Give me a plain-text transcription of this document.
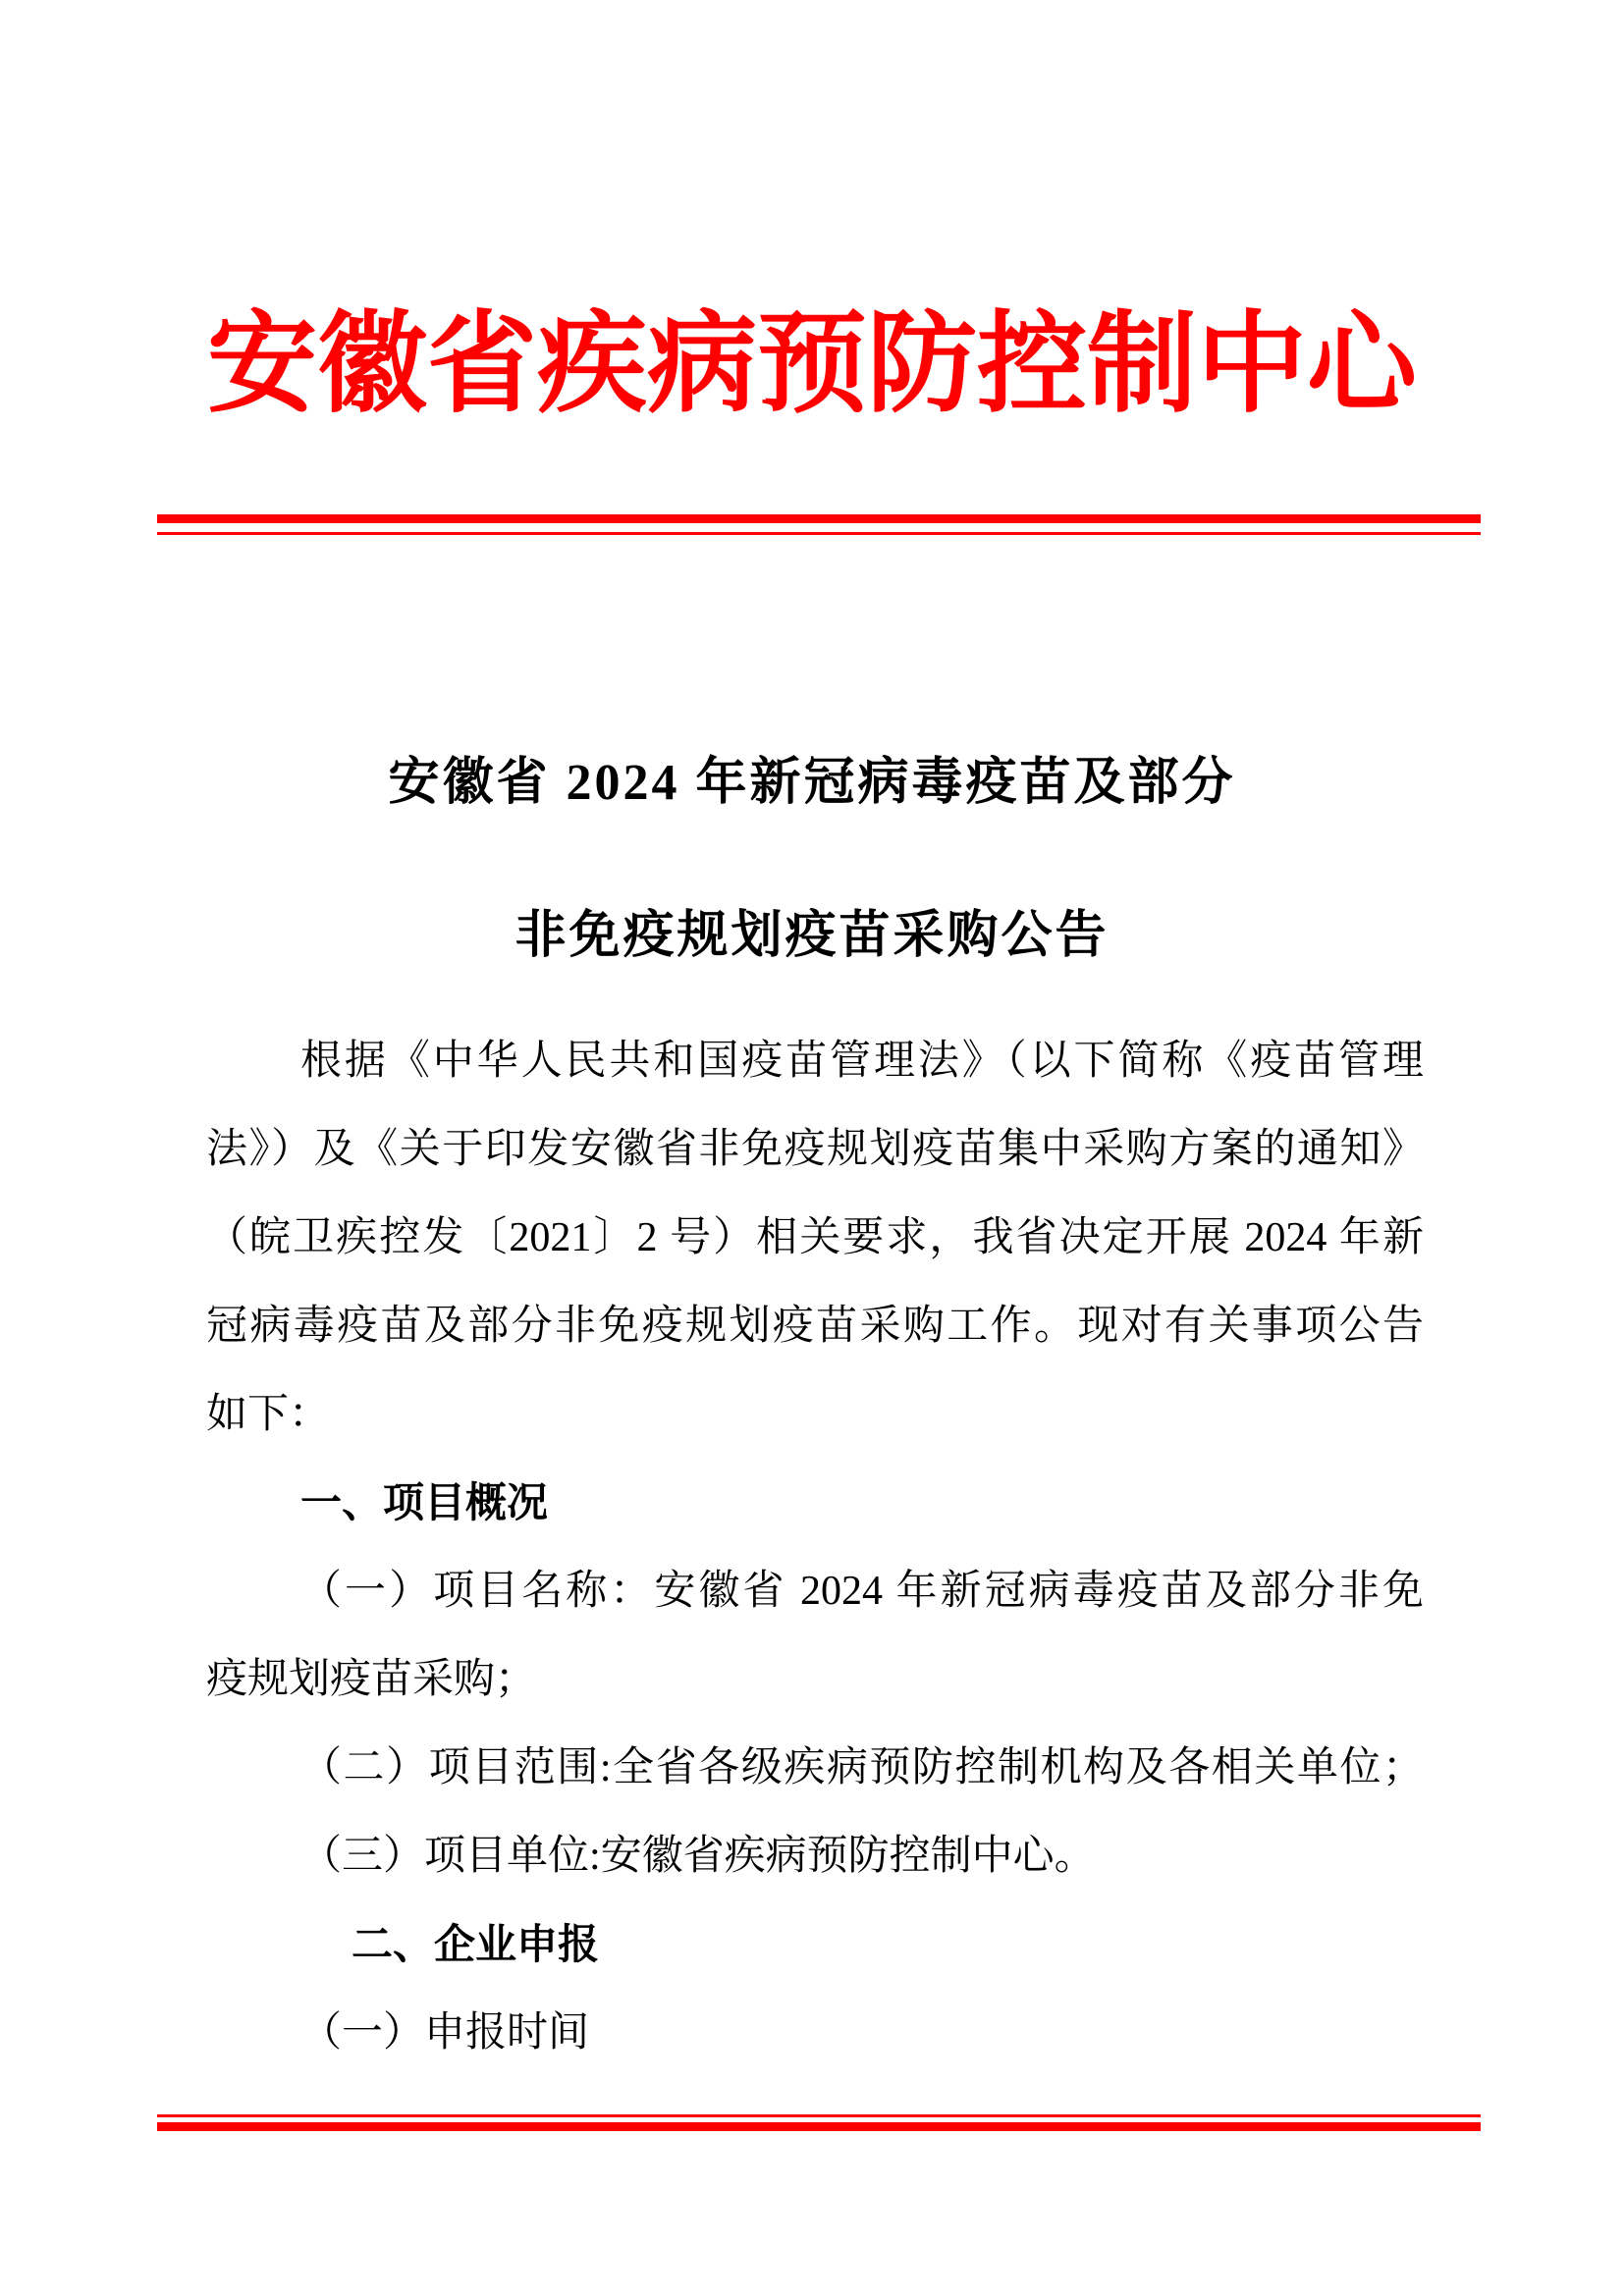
安徽省疾病预防控制中心
安徽省 2024 年新冠病毒疫苗及部分
非免疫规划疫苗采购公告
根据《中华人民共和国疫苗管理法》（以下简称《疫苗管理
法》）及《关于印发安徽省非免疫规划疫苗集中采购方案的通知》
（皖卫疾控发〔2021〕2 号）相关要求，我省决定开展 2024 年新
冠病毒疫苗及部分非免疫规划疫苗采购工作。现对有关事项公告
如下：
一、项目概况
（一）项目名称：安徽省 2024 年新冠病毒疫苗及部分非免
疫规划疫苗采购；
（二）项目范围:全省各级疾病预防控制机构及各相关单位；
（三）项目单位:安徽省疾病预防控制中心。
二、企业申报
（一）申报时间
